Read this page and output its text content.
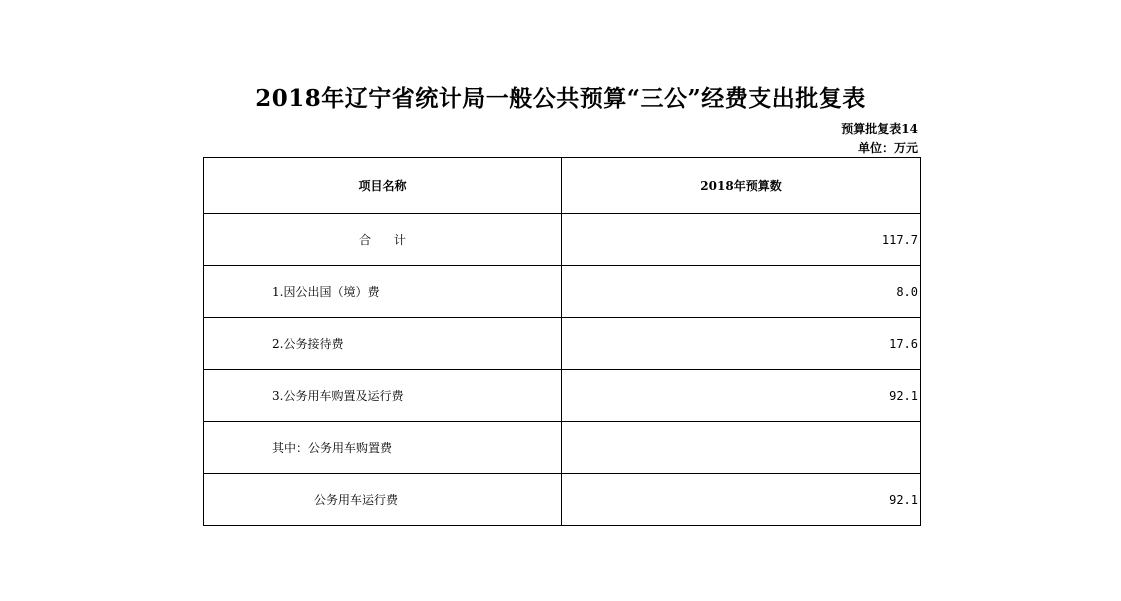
2018年辽宁省统计局一般公共预算“三公”经费支出批复表
预算批复表14
单位：万元
项目名称	2018年预算数
合      计	117.7
1.因公出国（境）费	8.0
2.公务接待费	17.6
3.公务用车购置及运行费	92.1
其中：公务用车购置费	
公务用车运行费	92.1
